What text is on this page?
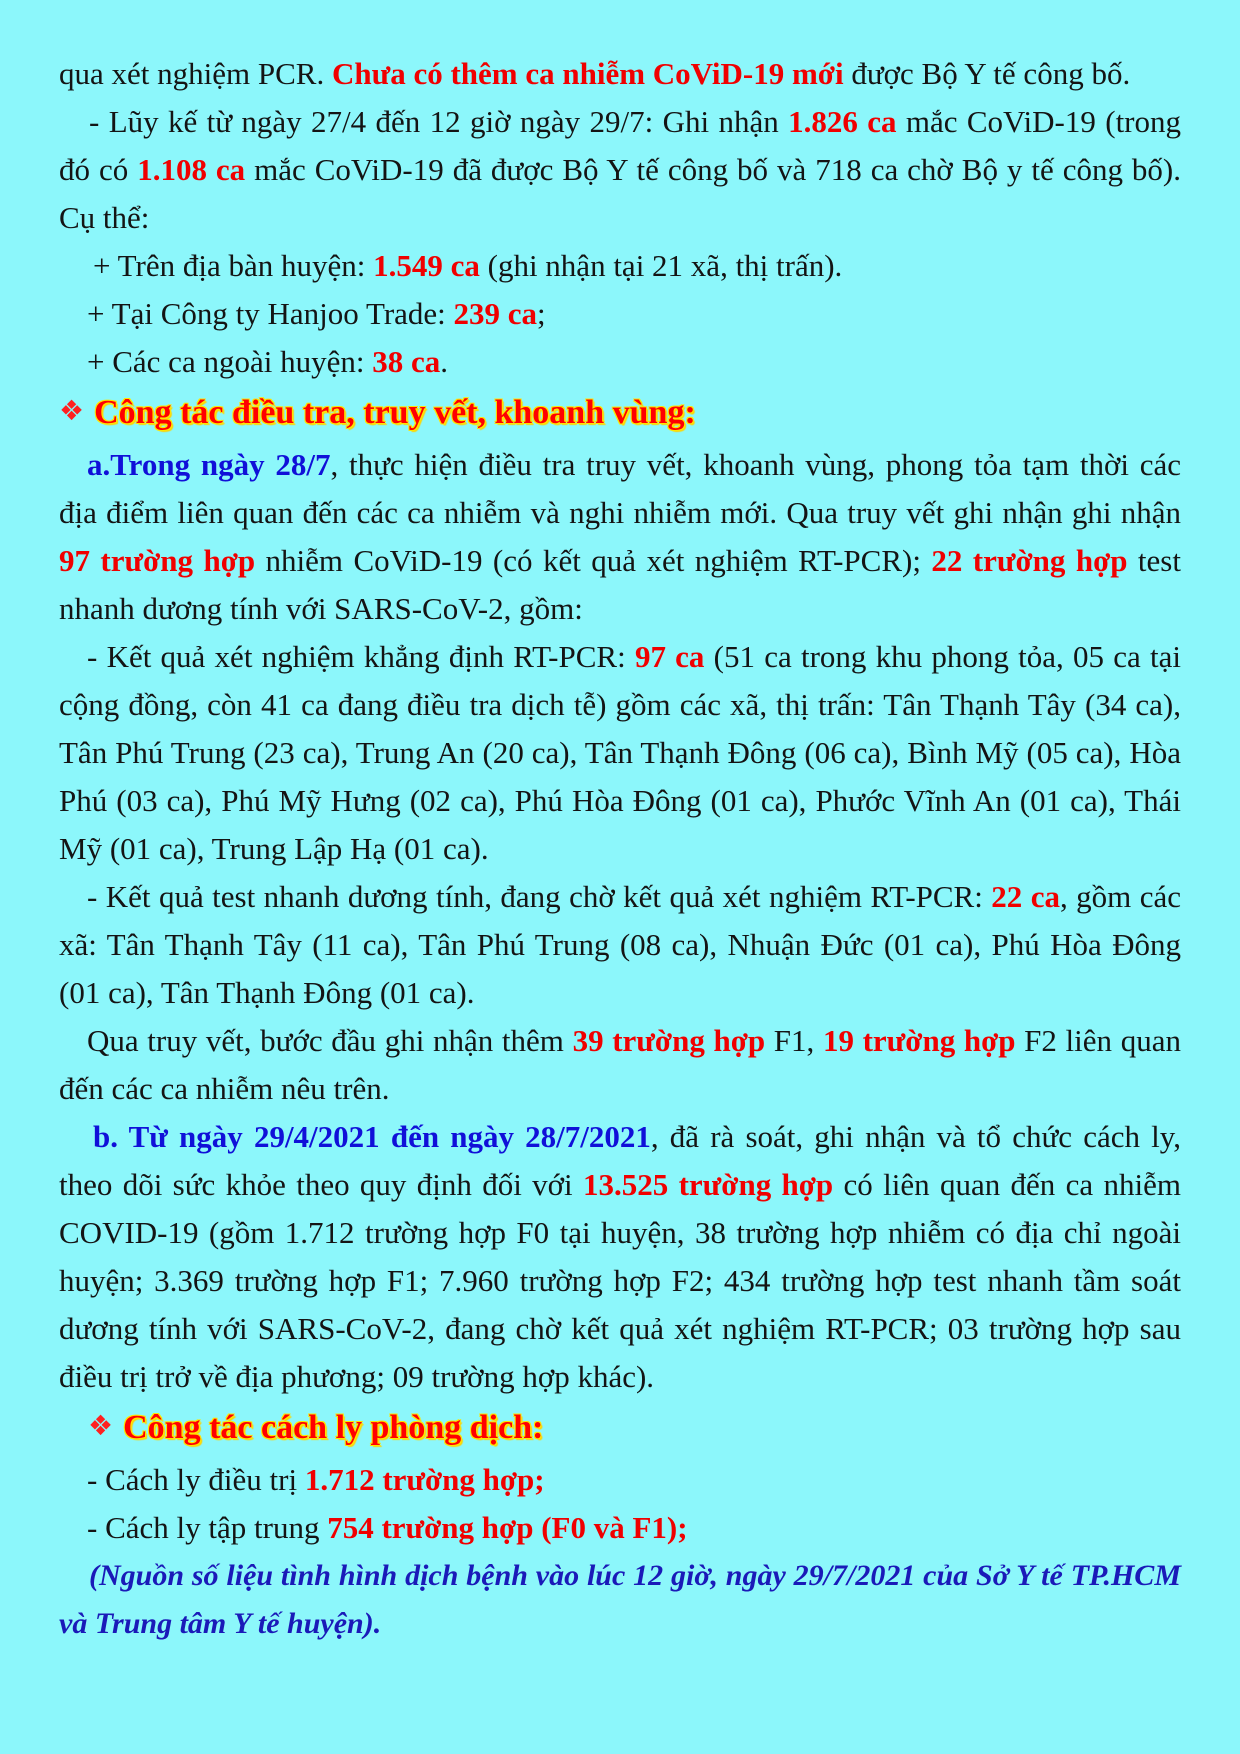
qua xét nghiệm PCR. Chưa có thêm ca nhiễm CoViD-19 mới được Bộ Y tế công bố.

- Lũy kế từ ngày 27/4 đến 12 giờ ngày 29/7: Ghi nhận 1.826 ca mắc CoViD-19 (trong đó có 1.108 ca mắc CoViD-19 đã được Bộ Y tế công bố và 718 ca chờ Bộ y tế công bố). Cụ thể:

+ Trên địa bàn huyện: 1.549 ca (ghi nhận tại 21 xã, thị trấn).

+ Tại Công ty Hanjoo Trade: 239 ca;

+ Các ca ngoài huyện: 38 ca.

❖ Công tác điều tra, truy vết, khoanh vùng:

a.Trong ngày 28/7, thực hiện điều tra truy vết, khoanh vùng, phong tỏa tạm thời các địa điểm liên quan đến các ca nhiễm và nghi nhiễm mới. Qua truy vết ghi nhận ghi nhận 97 trường hợp nhiễm CoViD-19 (có kết quả xét nghiệm RT-PCR); 22 trường hợp test nhanh dương tính với SARS-CoV-2, gồm:

- Kết quả xét nghiệm khẳng định RT-PCR: 97 ca (51 ca trong khu phong tỏa, 05 ca tại cộng đồng, còn 41 ca đang điều tra dịch tễ) gồm các xã, thị trấn: Tân Thạnh Tây (34 ca), Tân Phú Trung (23 ca), Trung An (20 ca), Tân Thạnh Đông (06 ca), Bình Mỹ (05 ca), Hòa Phú (03 ca), Phú Mỹ Hưng (02 ca), Phú Hòa Đông (01 ca), Phước Vĩnh An (01 ca), Thái Mỹ (01 ca), Trung Lập Hạ (01 ca).

- Kết quả test nhanh dương tính, đang chờ kết quả xét nghiệm RT-PCR: 22 ca, gồm các xã: Tân Thạnh Tây (11 ca), Tân Phú Trung (08 ca), Nhuận Đức (01 ca), Phú Hòa Đông (01 ca), Tân Thạnh Đông (01 ca).

Qua truy vết, bước đầu ghi nhận thêm 39 trường hợp F1, 19 trường hợp F2 liên quan đến các ca nhiễm nêu trên.

b. Từ ngày 29/4/2021 đến ngày 28/7/2021, đã rà soát, ghi nhận và tổ chức cách ly, theo dõi sức khỏe theo quy định đối với 13.525 trường hợp có liên quan đến ca nhiễm COVID-19 (gồm 1.712 trường hợp F0 tại huyện, 38 trường hợp nhiễm có địa chỉ ngoài huyện; 3.369 trường hợp F1; 7.960 trường hợp F2; 434 trường hợp test nhanh tầm soát dương tính với SARS-CoV-2, đang chờ kết quả xét nghiệm RT-PCR; 03 trường hợp sau điều trị trở về địa phương; 09 trường hợp khác).

❖ Công tác cách ly phòng dịch:

- Cách ly điều trị 1.712 trường hợp;

- Cách ly tập trung 754 trường hợp (F0 và F1);

(Nguồn số liệu tình hình dịch bệnh vào lúc 12 giờ, ngày 29/7/2021 của Sở Y tế TP.HCM và Trung tâm Y tế huyện).
